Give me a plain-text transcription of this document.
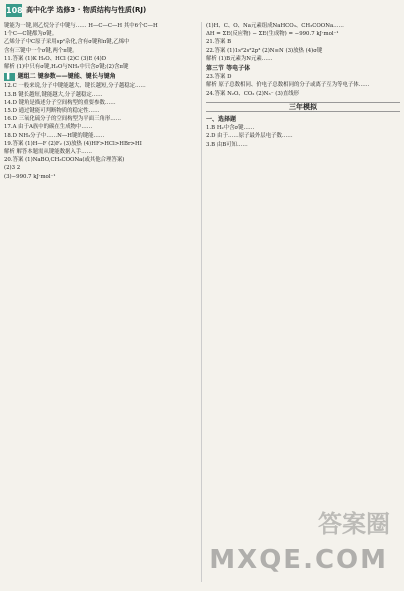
108 高中化学 选修3 · 物质结构与性质(RJ)
键能为一键,则乙烷分子中键与…… H—C—C—H 其中6个C—H
1个C—C键都为σ键。
乙烯分子中C原子采用sp²杂化,含有σ键和π键,乙烯中
含有三键中一个σ键,两个π键。
11.答案 (1)K H₂O、HCl (2)C (3)E (4)D
解析 (1)中只有σ键,H₂O与NH₃中只含σ键;(2)含π键
▌ 题组二 键参数——键能、键长与键角
12.C 一般来说,分子中键能越大、键长越短,分子越稳定……
13.B 键长越短,键能越大,分子越稳定……
14.D 键角是描述分子空间构型的重要参数……
15.D 通过键能可判断物质的稳定性……
16.D 三氧化硫分子的空间构型为平面三角形……
17.A 由于A族中的碳在生成物中……
18.D NH₃分子中……N—H键的键能……
19.答案 (1)H—F (2)F₂ (3)放热 (4)HF>HCl>HBr>HI
解析 解答本题需从键能数据入手……
20.答案 (1)NaBO,CH₃COONa(或其他合理答案)
(2)3 2
(3)−990.7 kJ·mol⁻¹
(1)H、C、O、Na元素组成NaHCO₃、CH₃COONa……
ΔH = ΣE(反应物) − ΣE(生成物) = −990.7 kJ·mol⁻¹
21.答案 B
22.答案 (1)1s²2s²2p³ (2)N≡N (3)放热 (4)σ键
解析 (1)B元素为N元素……
第三节 等电子体
23.答案 D
解析 原子总数相同、价电子总数相同的分子或离子互为等电子体……
24.答案 N₂O、CO₂ (2)N₃⁻ (3)直线形
三年模拟
一、选择题
1.B H₂中含σ键……
2.D 由于……原子最外层电子数……
3.B 由B可知……
答案圈
MXQE.COM
